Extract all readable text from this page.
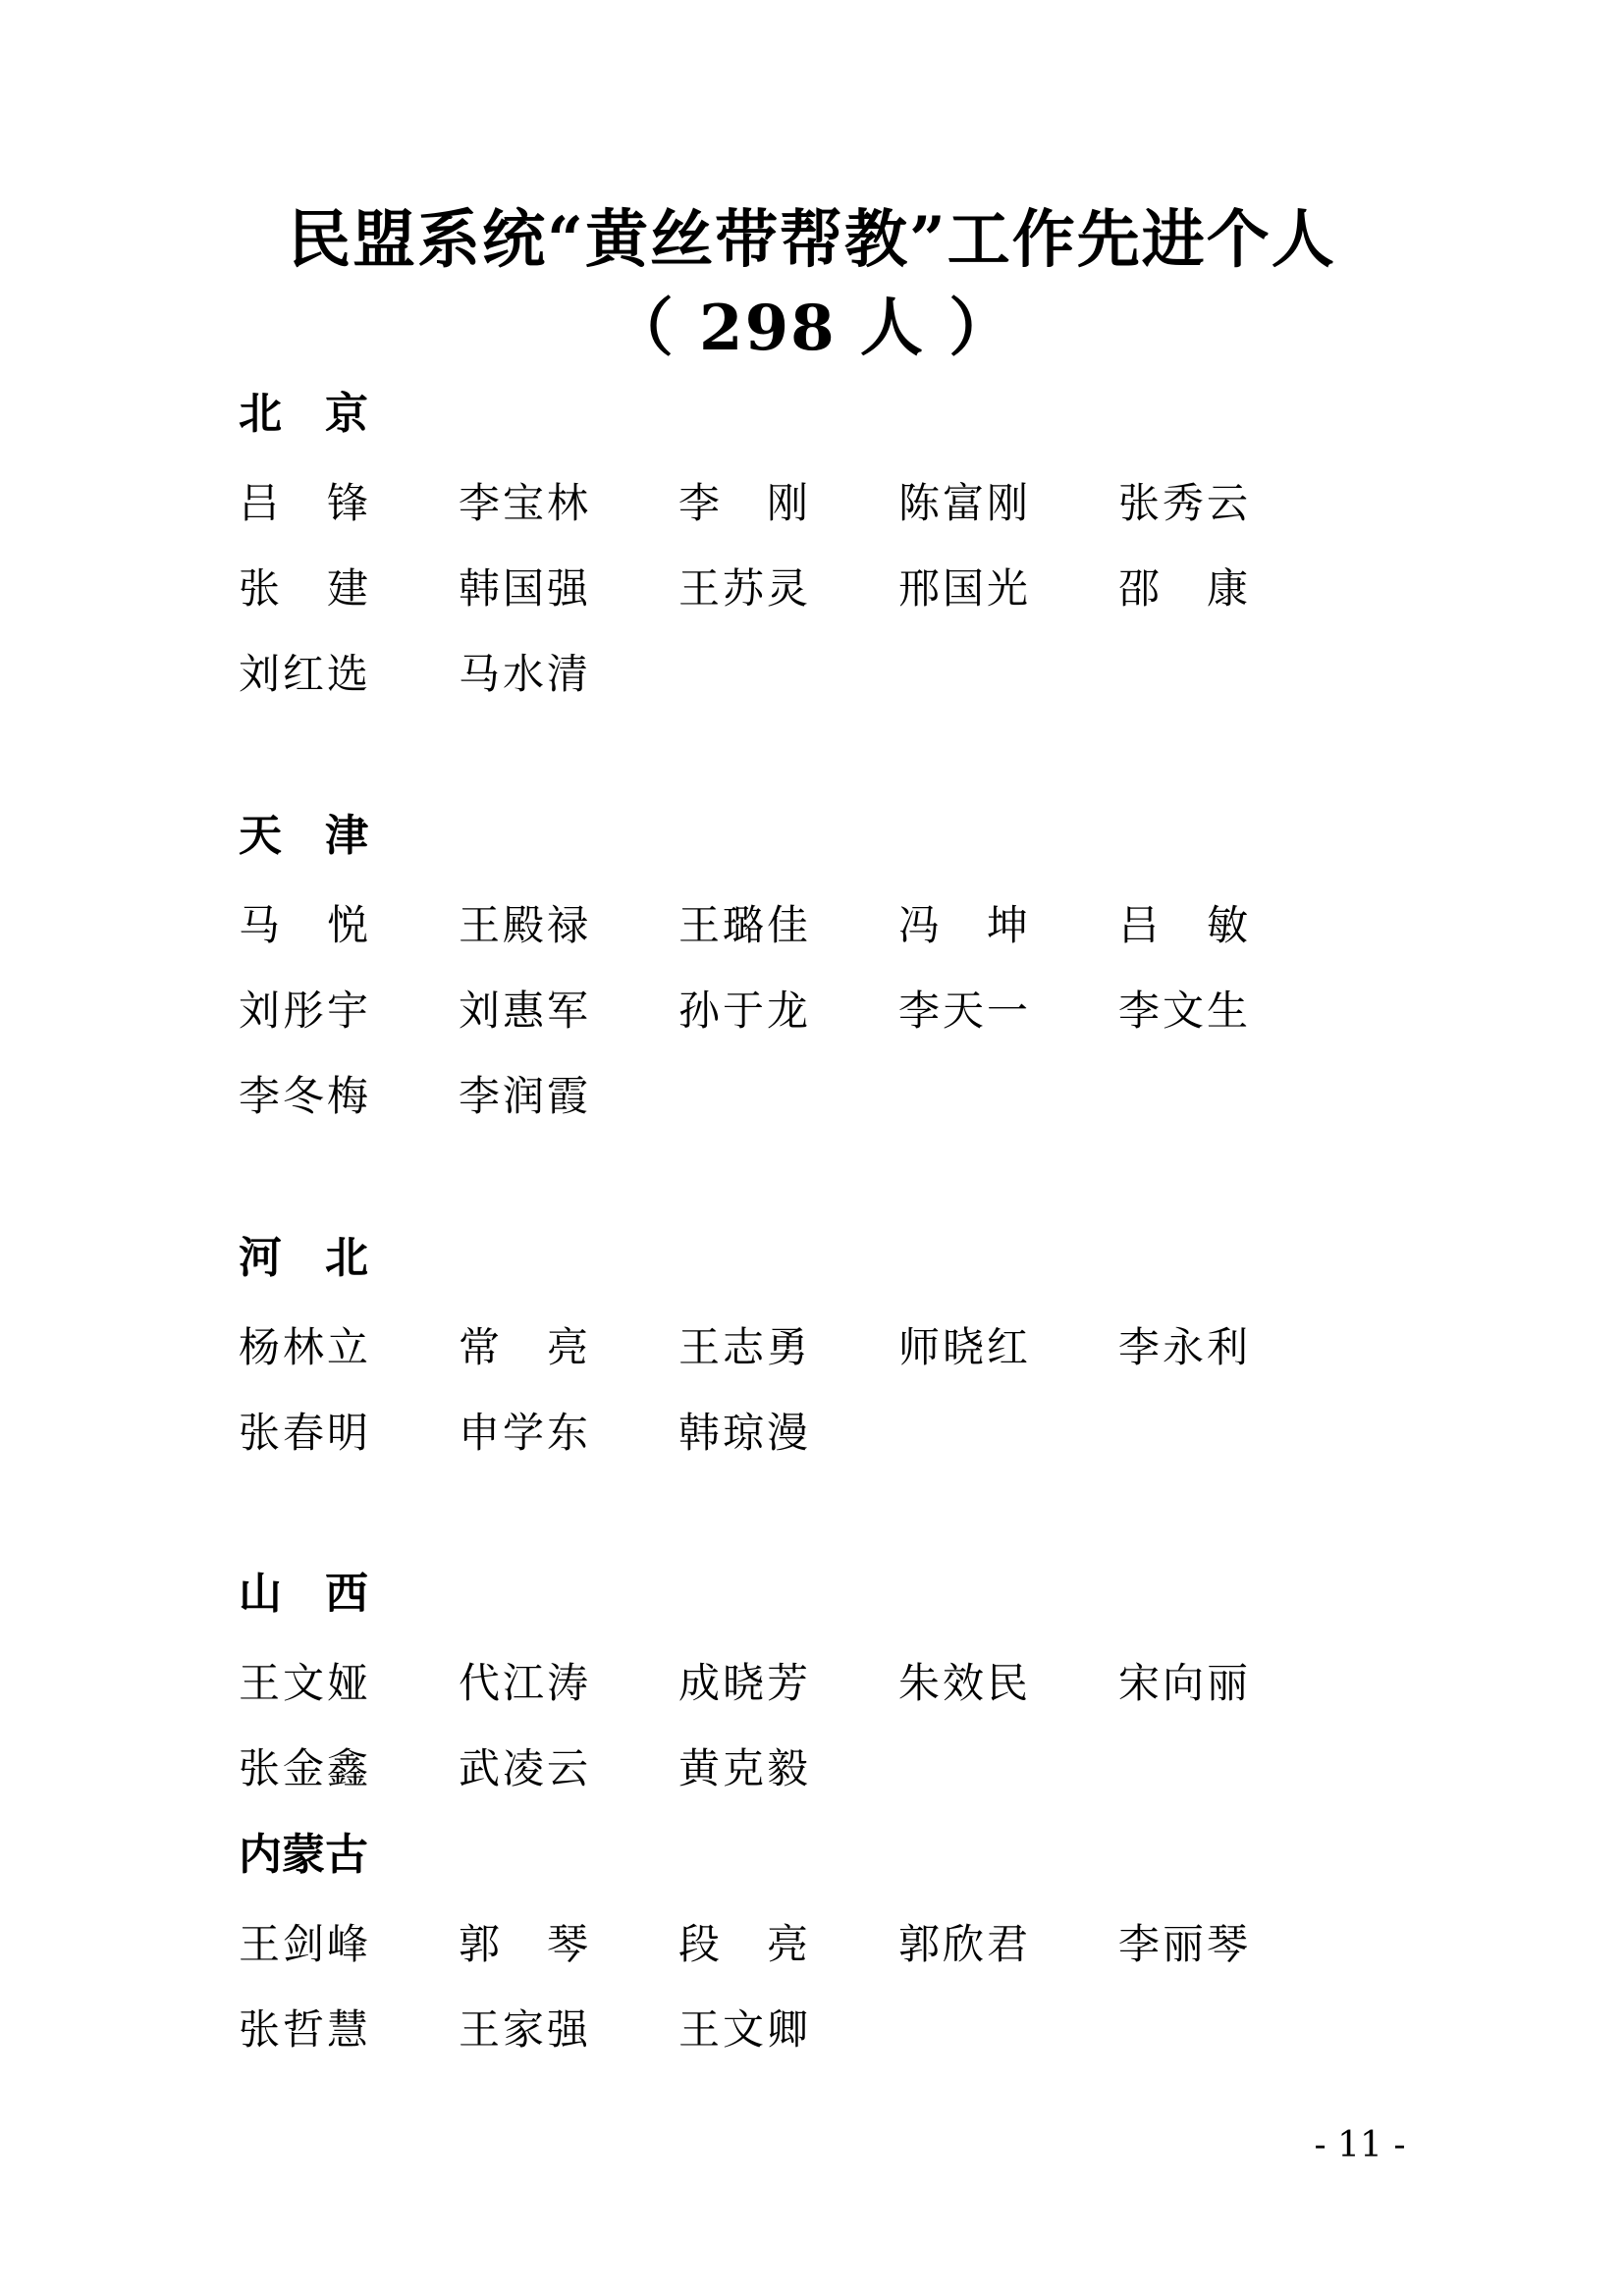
民盟系统“黄丝带帮教”工作先进个人
（ 298 人 ）
北　京
吕　锋	李宝林	李　刚	陈富刚	张秀云
张　建	韩国强	王苏灵	邢国光	邵　康
刘红选	马水清
天　津
马　悦	王殿禄	王璐佳	冯　坤	吕　敏
刘彤宇	刘惠军	孙于龙	李天一	李文生
李冬梅	李润霞
河　北
杨林立	常　亮	王志勇	师晓红	李永利
张春明	申学东	韩琼漫
山　西
王文娅	代江涛	成晓芳	朱效民	宋向丽
张金鑫	武凌云	黄克毅
内蒙古
王剑峰	郭　琴	段　亮	郭欣君	李丽琴
张哲慧	王家强	王文卿
- 11 -
